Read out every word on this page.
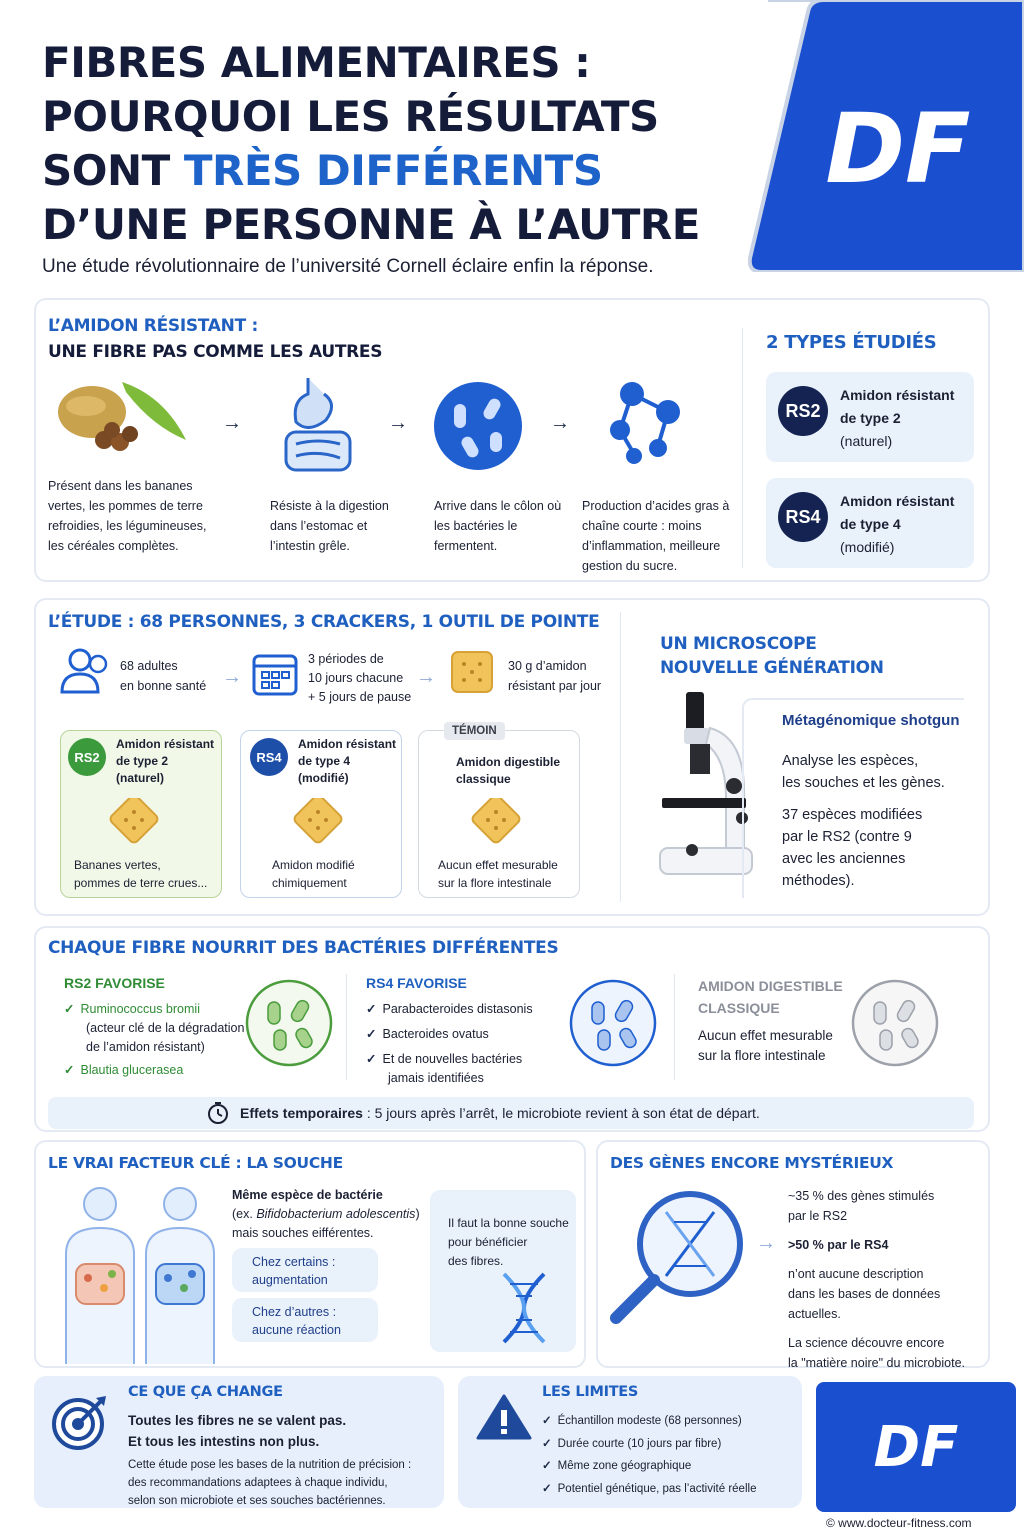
DF
FIBRES ALIMENTAIRES :
POURQUOI LES RÉSULTATS
SONT TRÈS DIFFÉRENTS
D’UNE PERSONNE À L’AUTRE
Une étude révolutionnaire de l’université Cornell éclaire enfin la réponse.
L’AMIDON RÉSISTANT :
UNE FIBRE PAS COMME LES AUTRES
→	→	→
Présent dans les bananes vertes, les pommes de terre refroidies, les légumineuses, les céréales complètes.
Résiste à la digestion dans l’estomac et l’intestin grêle.
Arrive dans le côlon où les bactéries le fermentent.
Production d’acides gras à chaîne courte : moins d’inflammation, meilleure gestion du sucre.
2 TYPES ÉTUDIÉS
RS2
Amidon résistant
de type 2
(naturel)
RS4
Amidon résistant
de type 4
(modifié)
L’ÉTUDE : 68 PERSONNES, 3 CRACKERS, 1 OUTIL DE POINTE
68 adultes
en bonne santé →
3 périodes de
10 jours chacune
+ 5 jours de pause
→	30 g d’amidon
résistant par jour
RS2
Amidon résistant
de type 2
(naturel)
Bananes vertes,
pommes de terre crues...
RS4
Amidon résistant
de type 4
(modifié)
Amidon modifié
chimiquement
TÉMOIN
Amidon digestible
classique
Aucun effet mesurable
sur la flore intestinale
UN MICROSCOPE
NOUVELLE GÉNÉRATION
Métagénomique shotgun
Analyse les espèces,
les souches et les gènes.
37 espèces modifiées
par le RS2 (contre 9
avec les anciennes
méthodes).
CHAQUE FIBRE NOURRIT DES BACTÉRIES DIFFÉRENTES
RS2 FAVORISE
✓ Ruminococcus bromii
(acteur clé de la dégradation
de l’amidon résistant)
✓ Blautia glucerasea
RS4 FAVORISE
✓ Parabacteroides distasonis
✓ Bacteroides ovatus
✓ Et de nouvelles bactéries
jamais identifiées
AMIDON DIGESTIBLE
CLASSIQUE
Aucun effet mesurable
sur la flore intestinale
Effets temporaires : 5 jours après l’arrêt, le microbiote revient à son état de départ.
LE VRAI FACTEUR CLÉ : LA SOUCHE
Même espèce de bactérie
(ex. Bifidobacterium adolescentis)
mais souches eifférentes.
Chez certains :
augmentation
Chez d’autres :
aucune réaction
Il faut la bonne souche
pour bénéficier
des fibres.
DES GÈNES ENCORE MYSTÉRIEUX
→
~35 % des gènes stimulés
par le RS2
>50 % par le RS4
n’ont aucune description
dans les bases de données
actuelles.
La science découvre encore
la "matière noire" du microbiote.
CE QUE ÇA CHANGE
Toutes les fibres ne se valent pas.
Et tous les intestins non plus.
Cette étude pose les bases de la nutrition de précision :
des recommandations adaptees à chaque individu,
selon son microbiote et ses souches bactériennes.
LES LIMITES
✓ Échantillon modeste (68 personnes)
✓ Durée courte (10 jours par fibre)
✓ Même zone géographique
✓ Potentiel génétique, pas l’activité réelle
DF
© www.docteur-fitness.com
